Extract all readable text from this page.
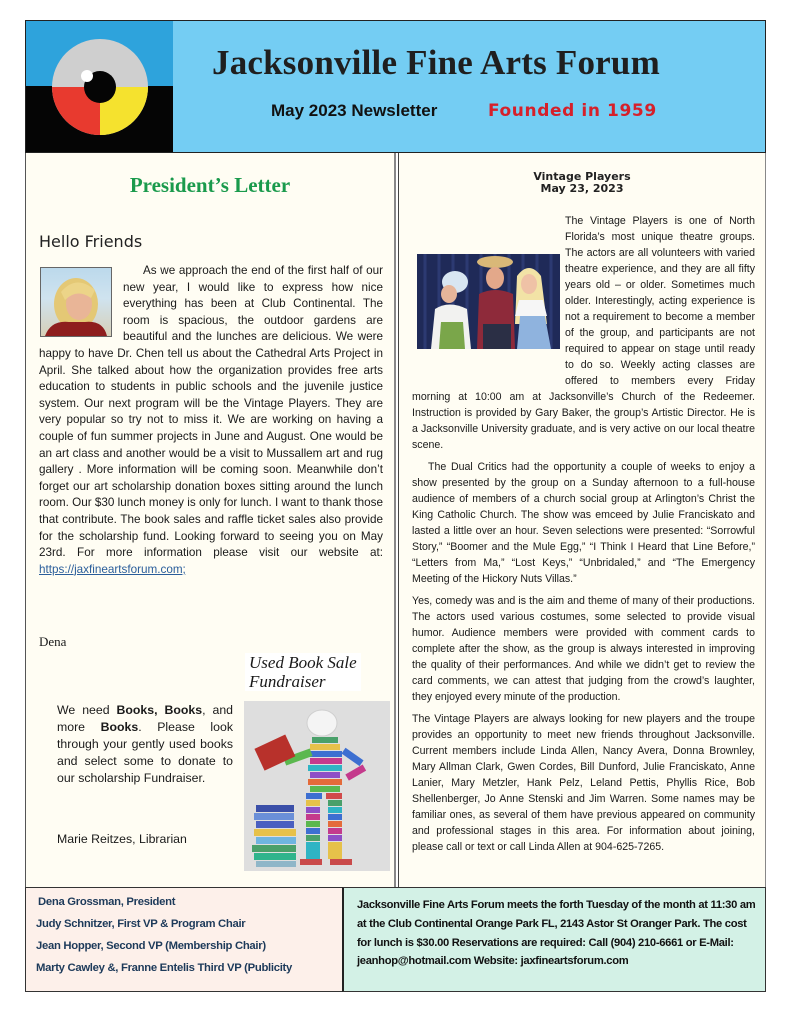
Jacksonville Fine Arts Forum
May 2023 Newsletter	Founded in 1959
President’s Letter
Hello Friends
As we approach the end of the first half of our new year, I would like to express how nice everything has been at Club Continental. The room is spacious, the outdoor gardens are beautiful and the lunches are delicious. We were happy to have Dr. Chen tell us about the Cathedral Arts Project in April. She talked about how the organization provides free arts education to students in public schools and the juvenile justice system. Our next program will be the Vintage Players. They are very popular so try not to miss it. We are working on having a couple of fun summer projects in June and August. One would be an art class and another would be a visit to Mussallem art and rug gallery . More information will be coming soon. Meanwhile don’t forget our art scholarship donation boxes sitting around the lunch room. Our $30 lunch money is only for lunch. I want to thank those that contribute. The book sales and raffle ticket sales also provide for the scholarship fund. Looking forward to seeing you on May 23rd. For more information please visit our website at: https://jaxfineartsforum.com;
Dena
Used Book Sale
Fundraiser
We need Books, Books, and more Books. Please look through your gently used books and select some to donate to our scholarship Fundraiser.
Marie Reitzes, Librarian
Vintage Players
May 23, 2023

The Vintage Players is one of North Florida’s most unique theatre groups. The actors are all volunteers with varied theatre experience, and they are all fifty years old – or older. Sometimes much older. Interestingly, acting experience is not a requirement to become a member of the group, and participants are not required to appear on stage until ready to do so. Weekly acting classes are offered to members every Friday morning at 10:00 am at Jacksonville’s Church of the Redeemer. Instruction is provided by Gary Baker, the group’s Artistic Director. He is a Jacksonville University graduate, and is very active on our local theatre scene.

The Dual Critics had the opportunity a couple of weeks to enjoy a show presented by the group on a Sunday afternoon to a full-house audience of members of a church social group at Arlington’s Christ the King Catholic Church. The show was emceed by Julie Franciskato and lasted a little over an hour. Seven selections were presented: “Sorrowful Story,” “Boomer and the Mule Egg,” “I Think I Heard that Line Before,” “Letters from Ma,” “Lost Keys,” “Unbridaled,” and “The Emergency Meeting of the Hickory Nuts Villas.”

Yes, comedy was and is the aim and theme of many of their productions. The actors used various costumes, some selected to provide visual humor. Audience members were provided with comment cards to complete after the show, as the group is always interested in improving the quality of their performances. And while we didn’t get to review the card comments, we can attest that judging from the crowd’s laughter, they enjoyed every minute of the production.

The Vintage Players are always looking for new players and the troupe provides an opportunity to meet new friends throughout Jacksonville. Current members include Linda Allen, Nancy Avera, Donna Brownley, Mary Allman Clark, Gwen Cordes, Bill Dunford, Julie Franciskato, Anne Lanier, Mary Metzler, Hank Pelz, Leland Pettis, Phyllis Rice, Bob Shellenberger, Jo Anne Stenski and Jim Warren. Some names may be familiar ones, as several of them have previous appeared on community and professional stages in this area. For information about joining, please call or text or call Linda Allen at 904-625-7265.

Dena Grossman, President
Judy Schnitzer, First VP & Program Chair
Jean Hopper, Second VP (Membership Chair)
Marty Cawley &, Franne Entelis Third VP (Publicity
Jacksonville Fine Arts Forum meets the forth Tuesday of the month at 11:30 am at the Club Continental Orange Park FL, 2143 Astor St Oranger Park. The cost for lunch is $30.00 Reservations are required: Call (904) 210-6661 or E-Mail: jeanhop@hotmail.com Website: jaxfineartsforum.com
